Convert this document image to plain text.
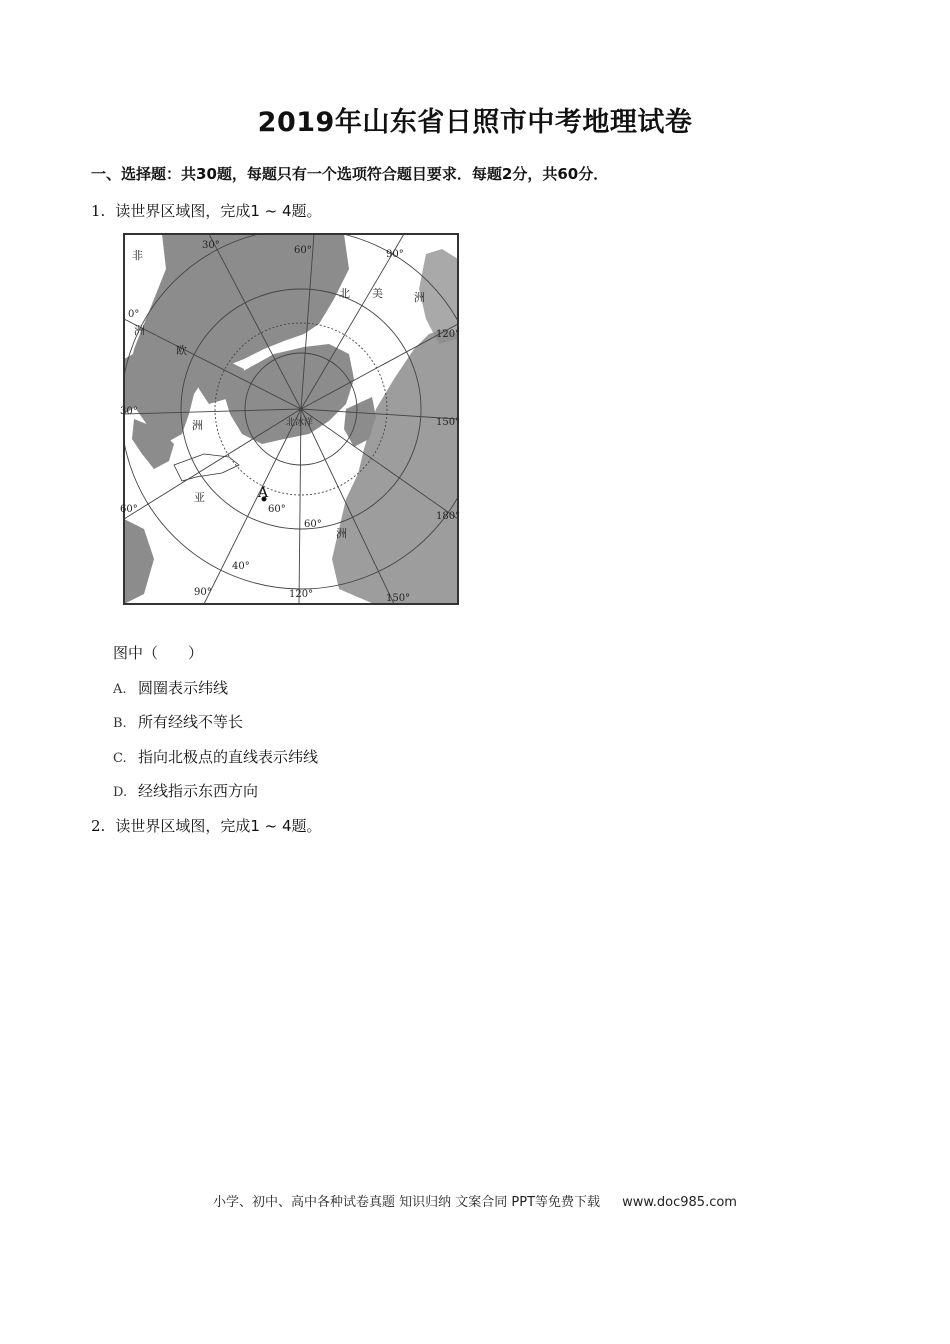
2019年山东省日照市中考地理试卷
一、选择题：共30题，每题只有一个选项符合题目要求．每题2分，共60分．
1. 读世界区域图，完成1 ~ 4题。
30°	60°	90°
0°
120°
30°
150°
60°
180°
90°
40°
120°	150°
60°
60°
非
洲
欧
洲
亚
洲
北 美	洲
北冰洋
A
图中（　　）
A. 圆圈表示纬线
B. 所有经线不等长
C. 指向北极点的直线表示纬线
D. 经线指示东西方向
2. 读世界区域图，完成1 ~ 4题。
小学、初中、高中各种试卷真题 知识归纳 文案合同 PPT等免费下载 www.doc985.com
